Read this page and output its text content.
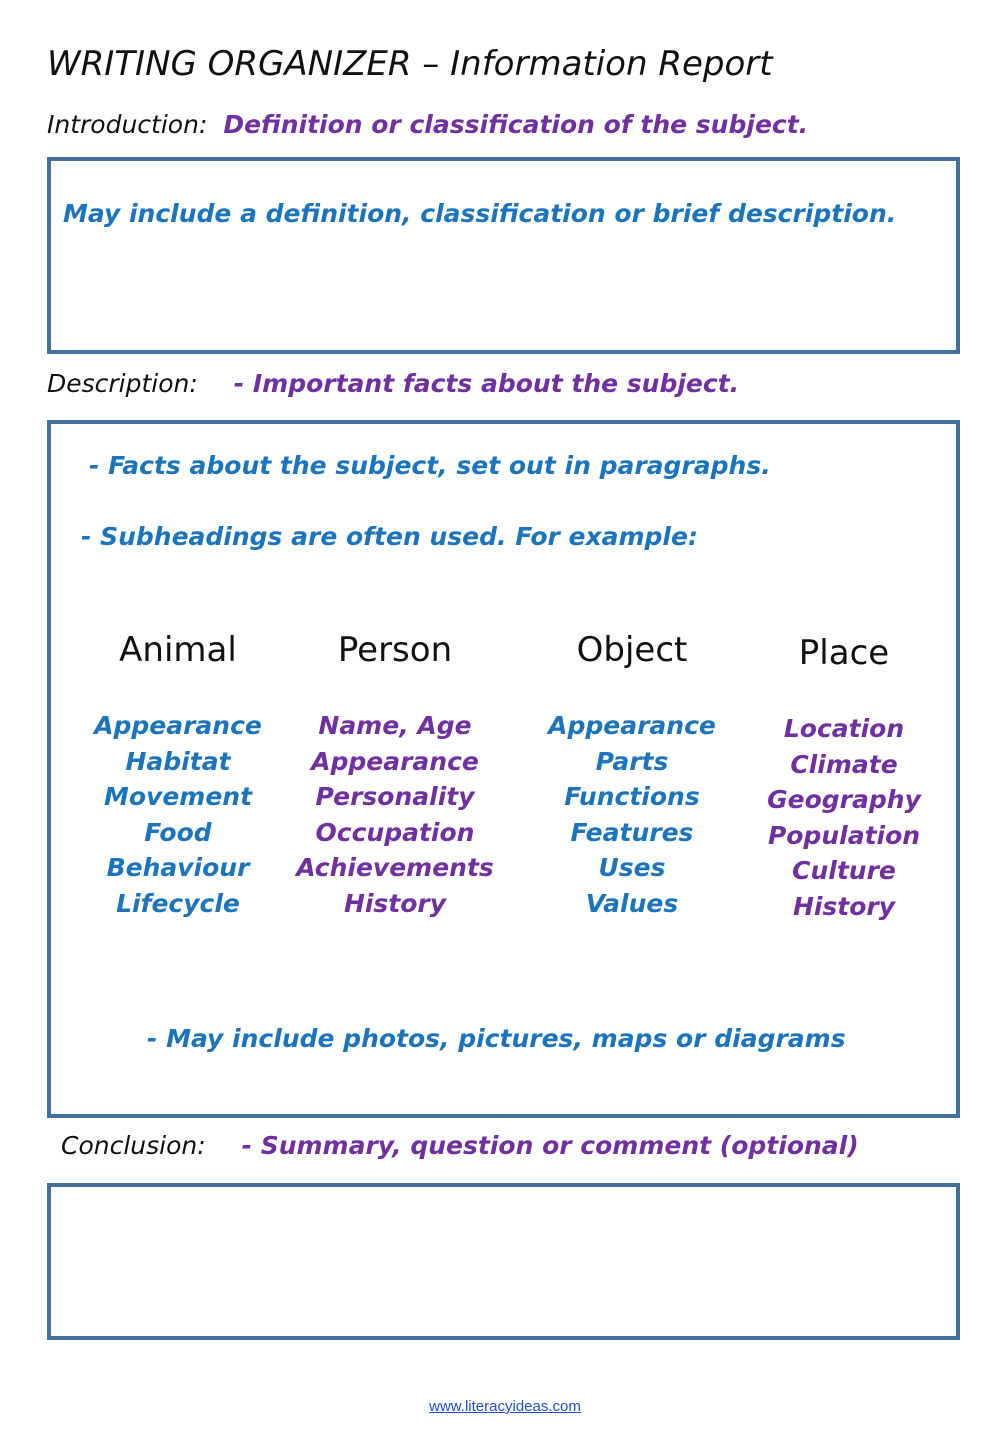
WRITING ORGANIZER – Information Report
Introduction: Definition or classification of the subject.
May include a definition, classification or brief description.
Description: - Important facts about the subject.
- Facts about the subject, set out in paragraphs.
- Subheadings are often used. For example:
Animal
Appearance
Habitat
Movement
Food
Behaviour
Lifecycle
Person
Name, Age
Appearance
Personality
Occupation
Achievements
History
Object
Appearance
Parts
Functions
Features
Uses
Values
Place
Location
Climate
Geography
Population
Culture
History
- May include photos, pictures, maps or diagrams
Conclusion: - Summary, question or comment (optional)
www.literacyideas.com
